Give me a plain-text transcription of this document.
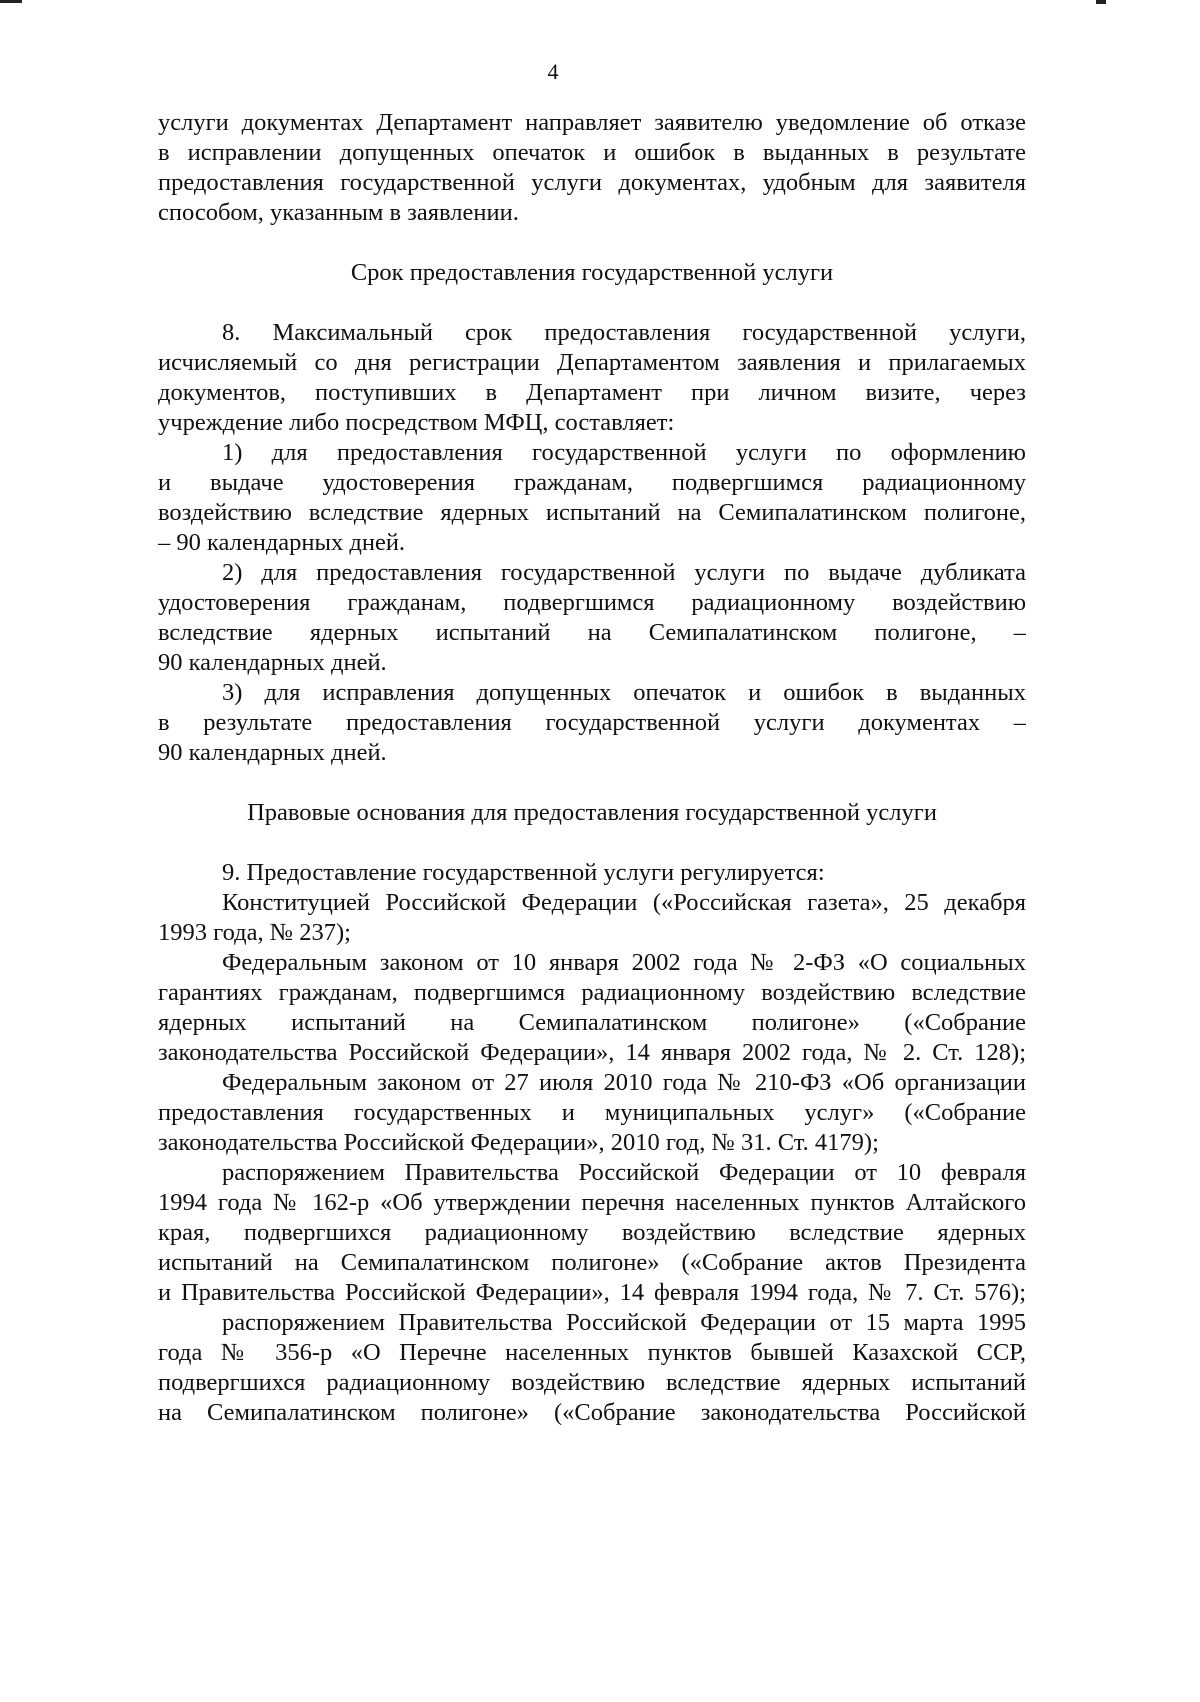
4
услуги документах Департамент направляет заявителю уведомление об отказе
в исправлении допущенных опечаток и ошибок в выданных в результате
предоставления государственной услуги документах, удобным для заявителя
способом, указанным в заявлении.
Срок предоставления государственной услуги
8. Максимальный срок предоставления государственной услуги,
исчисляемый со дня регистрации Департаментом заявления и прилагаемых
документов, поступивших в Департамент при личном визите, через
учреждение либо посредством МФЦ, составляет:
1) для предоставления государственной услуги по оформлению
и выдаче удостоверения гражданам, подвергшимся радиационному
воздействию вследствие ядерных испытаний на Семипалатинском полигоне,
– 90 календарных дней.
2) для предоставления государственной услуги по выдаче дубликата
удостоверения гражданам, подвергшимся радиационному воздействию
вследствие ядерных испытаний на Семипалатинском полигоне, –
90 календарных дней.
3) для исправления допущенных опечаток и ошибок в выданных
в результате предоставления государственной услуги документах –
90 календарных дней.
Правовые основания для предоставления государственной услуги
9. Предоставление государственной услуги регулируется:
Конституцией Российской Федерации («Российская газета», 25 декабря
1993 года, № 237);
Федеральным законом от 10 января 2002 года № 2-ФЗ «О социальных
гарантиях гражданам, подвергшимся радиационному воздействию вследствие
ядерных испытаний на Семипалатинском полигоне» («Собрание
законодательства Российской Федерации», 14 января 2002 года, № 2. Ст. 128);
Федеральным законом от 27 июля 2010 года № 210-ФЗ «Об организации
предоставления государственных и муниципальных услуг» («Собрание
законодательства Российской Федерации», 2010 год, № 31. Ст. 4179);
распоряжением Правительства Российской Федерации от 10 февраля
1994 года № 162-р «Об утверждении перечня населенных пунктов Алтайского
края, подвергшихся радиационному воздействию вследствие ядерных
испытаний на Семипалатинском полигоне» («Собрание актов Президента
и Правительства Российской Федерации», 14 февраля 1994 года, № 7. Ст. 576);
распоряжением Правительства Российской Федерации от 15 марта 1995
года № 356-р «О Перечне населенных пунктов бывшей Казахской ССР,
подвергшихся радиационному воздействию вследствие ядерных испытаний
на Семипалатинском полигоне» («Собрание законодательства Российской
